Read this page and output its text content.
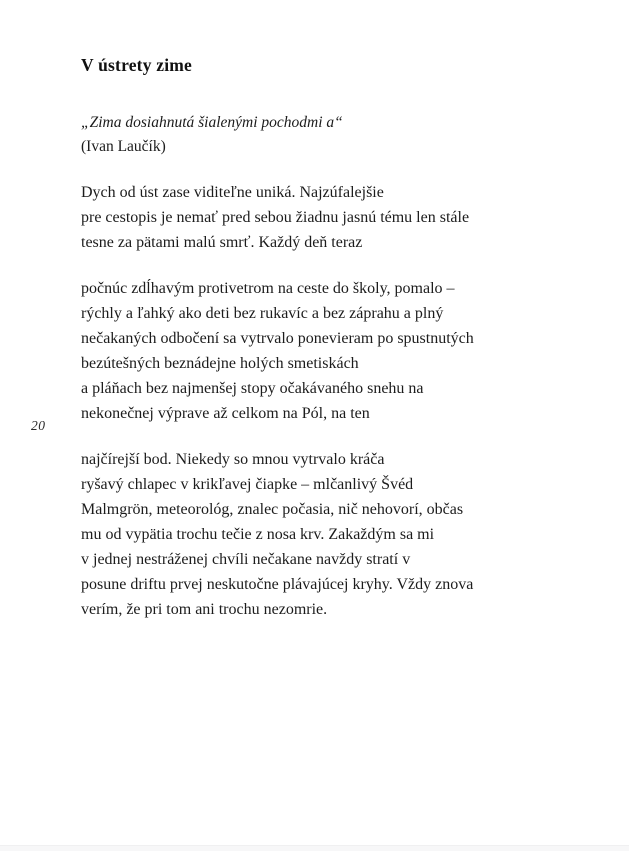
20
V ústrety zime
„Zima dosiahnutá šialenými pochodmi a“
(Ivan Laučík)
Dych od úst zase viditeľne uniká. Najzúfalejšie
pre cestopis je nemať pred sebou žiadnu jasnú tému len stále
tesne za pätami malú smrť. Každý deň teraz
počnúc zdĺhavým protivetrom na ceste do školy, pomalo –
rýchly a ľahký ako deti bez rukavíc a bez záprahu a plný
nečakaných odbočení sa vytrvalo ponevieram po spustnutých
bezútešných beznádejne holých smetiskách
a pláňach bez najmenšej stopy očakávaného snehu na
nekonečnej výprave až celkom na Pól, na ten
najčírejší bod. Niekedy so mnou vytrvalo kráča
ryšavý chlapec v krikľavej čiapke – mlčanlivý Švéd
Malmgrön, meteorológ, znalec počasia, nič nehovorí, občas
mu od vypätia trochu tečie z nosa krv. Zakaždým sa mi
v jednej nestráženej chvíli nečakane navždy stratí v
posune driftu prvej neskutočne plávajúcej kryhy. Vždy znova
verím, že pri tom ani trochu nezomrie.
